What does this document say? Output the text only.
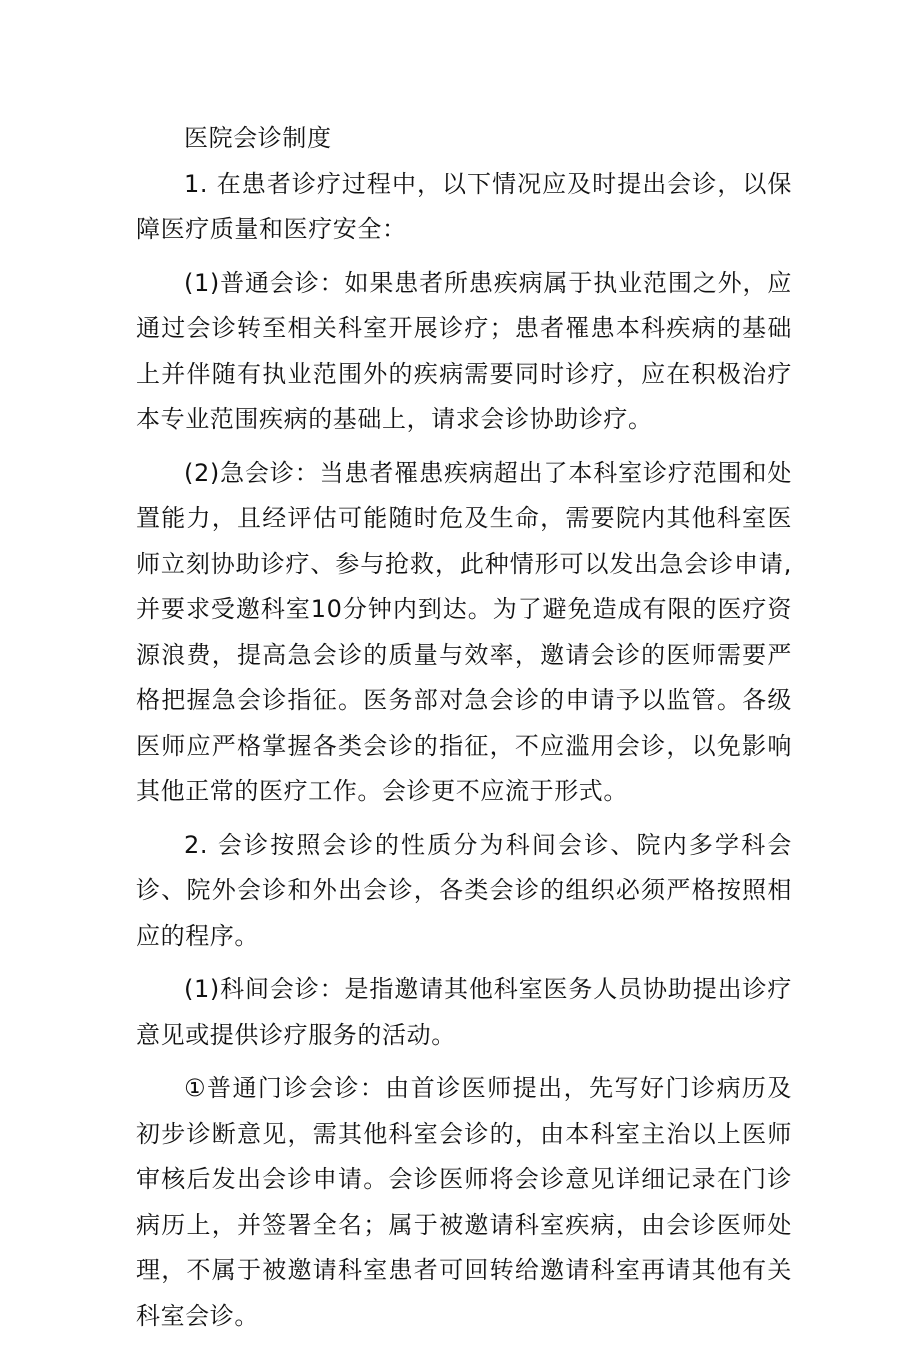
医院会诊制度

1. 在患者诊疗过程中，以下情况应及时提出会诊，以保障医疗质量和医疗安全：

(1)普通会诊：如果患者所患疾病属于执业范围之外，应通过会诊转至相关科室开展诊疗；患者罹患本科疾病的基础上并伴随有执业范围外的疾病需要同时诊疗，应在积极治疗本专业范围疾病的基础上，请求会诊协助诊疗。

(2)急会诊：当患者罹患疾病超出了本科室诊疗范围和处置能力，且经评估可能随时危及生命，需要院内其他科室医师立刻协助诊疗、参与抢救，此种情形可以发出急会诊申请, 并要求受邀科室10分钟内到达。为了避免造成有限的医疗资源浪费，提高急会诊的质量与效率，邀请会诊的医师需要严格把握急会诊指征。医务部对急会诊的申请予以监管。各级医师应严格掌握各类会诊的指征，不应滥用会诊，以免影响其他正常的医疗工作。会诊更不应流于形式。

2. 会诊按照会诊的性质分为科间会诊、院内多学科会诊、院外会诊和外出会诊，各类会诊的组织必须严格按照相应的程序。

(1)科间会诊：是指邀请其他科室医务人员协助提出诊疗意见或提供诊疗服务的活动。

①普通门诊会诊：由首诊医师提出，先写好门诊病历及初步诊断意见，需其他科室会诊的，由本科室主治以上医师审核后发出会诊申请。会诊医师将会诊意见详细记录在门诊病历上，并签署全名；属于被邀请科室疾病，由会诊医师处理，不属于被邀请科室患者可回转给邀请科室再请其他有关科室会诊。
